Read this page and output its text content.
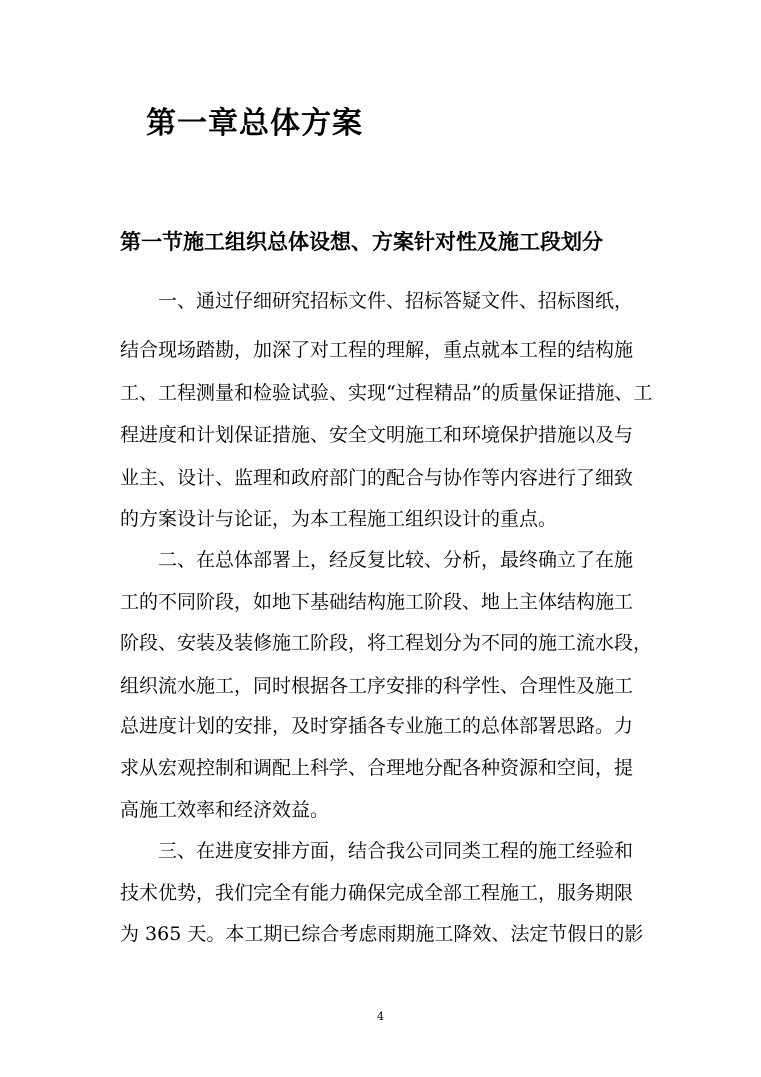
第一章总体方案
第一节施工组织总体设想、方案针对性及施工段划分

一、通过仔细研究招标文件、招标答疑文件、招标图纸，

结合现场踏勘，加深了对工程的理解，重点就本工程的结构施

工、工程测量和检验试验、实现“过程精品”的质量保证措施、工

程进度和计划保证措施、安全文明施工和环境保护措施以及与

业主、设计、监理和政府部门的配合与协作等内容进行了细致

的方案设计与论证，为本工程施工组织设计的重点。

二、在总体部署上，经反复比较、分析，最终确立了在施

工的不同阶段，如地下基础结构施工阶段、地上主体结构施工

阶段、安装及装修施工阶段，将工程划分为不同的施工流水段，

组织流水施工，同时根据各工序安排的科学性、合理性及施工

总进度计划的安排，及时穿插各专业施工的总体部署思路。力

求从宏观控制和调配上科学、合理地分配各种资源和空间，提

高施工效率和经济效益。

三、在进度安排方面，结合我公司同类工程的施工经验和

技术优势，我们完全有能力确保完成全部工程施工，服务期限

为 365 天。本工期已综合考虑雨期施工降效、法定节假日的影

4
